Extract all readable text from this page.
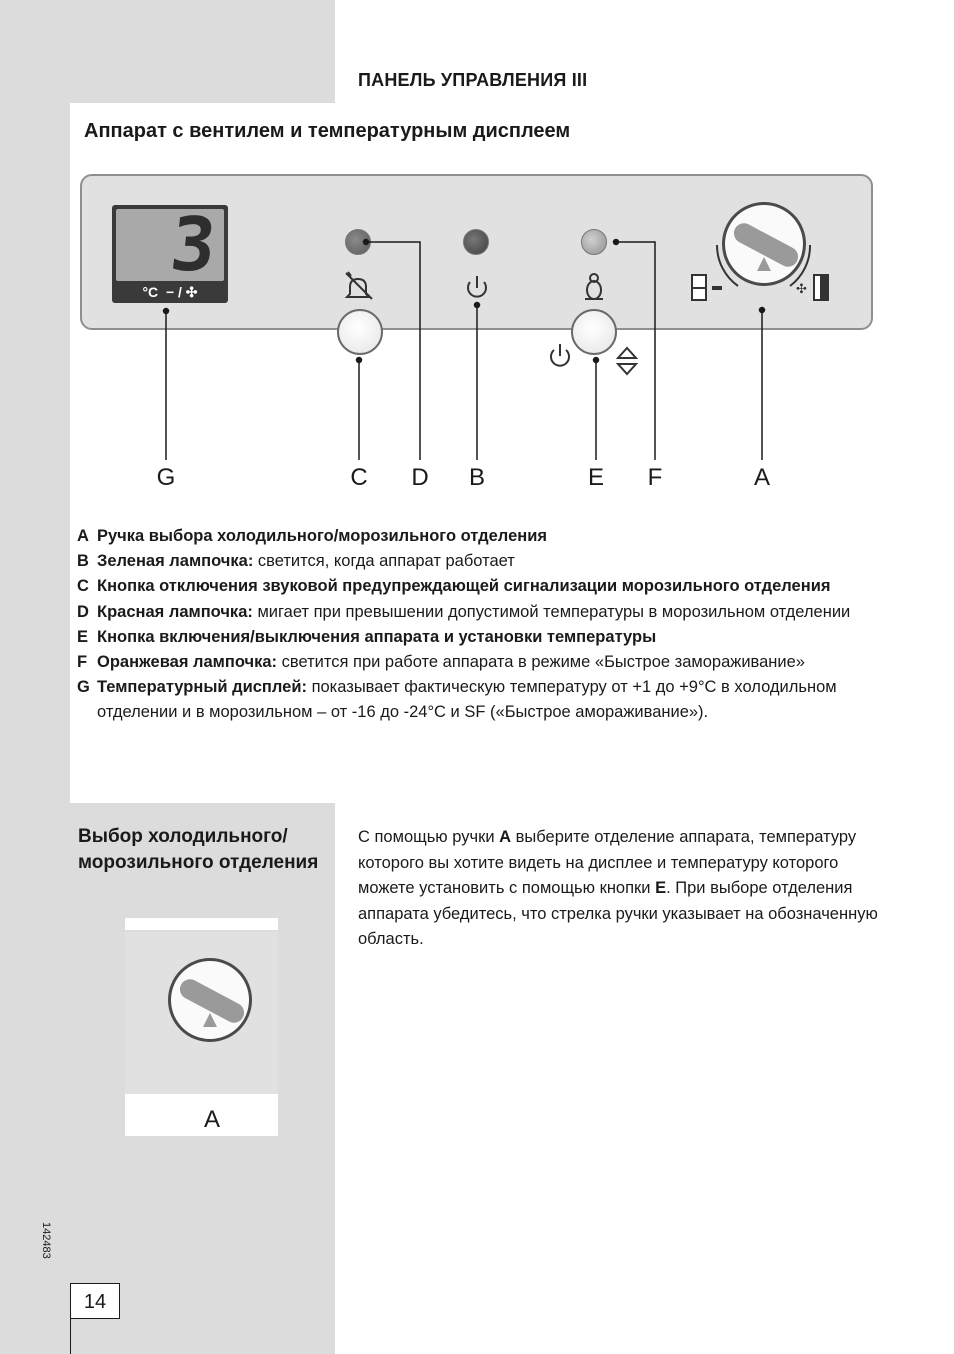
ПАНЕЛЬ УПРАВЛЕНИЯ III
Аппарат с вентилем и температурным дисплеем
3
°C  − / ✣	✣
G	C	D	B	E	F	A
A Ручка выбора холодильного/морозильного отделения
B Зеленая лампочка: светится, когда аппарат работает
C Кнопка отключения звуковой предупреждающей сигнализации морозильного отделения
D Красная лампочка: мигает при превышении допустимой температуры в морозильном отделении
E Кнопка включения/выключения аппарата и установки температуры
F Оранжевая лампочка: светится при работе аппарата в режиме «Быстрое замораживание»
G Температурный дисплей: показывает фактическую температуру от +1 до +9°C в холодильном отделении и в морозильном – от -16 до -24°C и SF («Быстрое амораживание»).
Выбор холодильного/ морозильного отделения
С помощью ручки A выберите отделение аппарата, температуру которого вы хотите видеть на дисплее и температуру которого можете установить с помощью кнопки E. При выборе отделения аппарата убедитесь, что стрелка ручки указывает на обозначенную область.
A
142483
14
